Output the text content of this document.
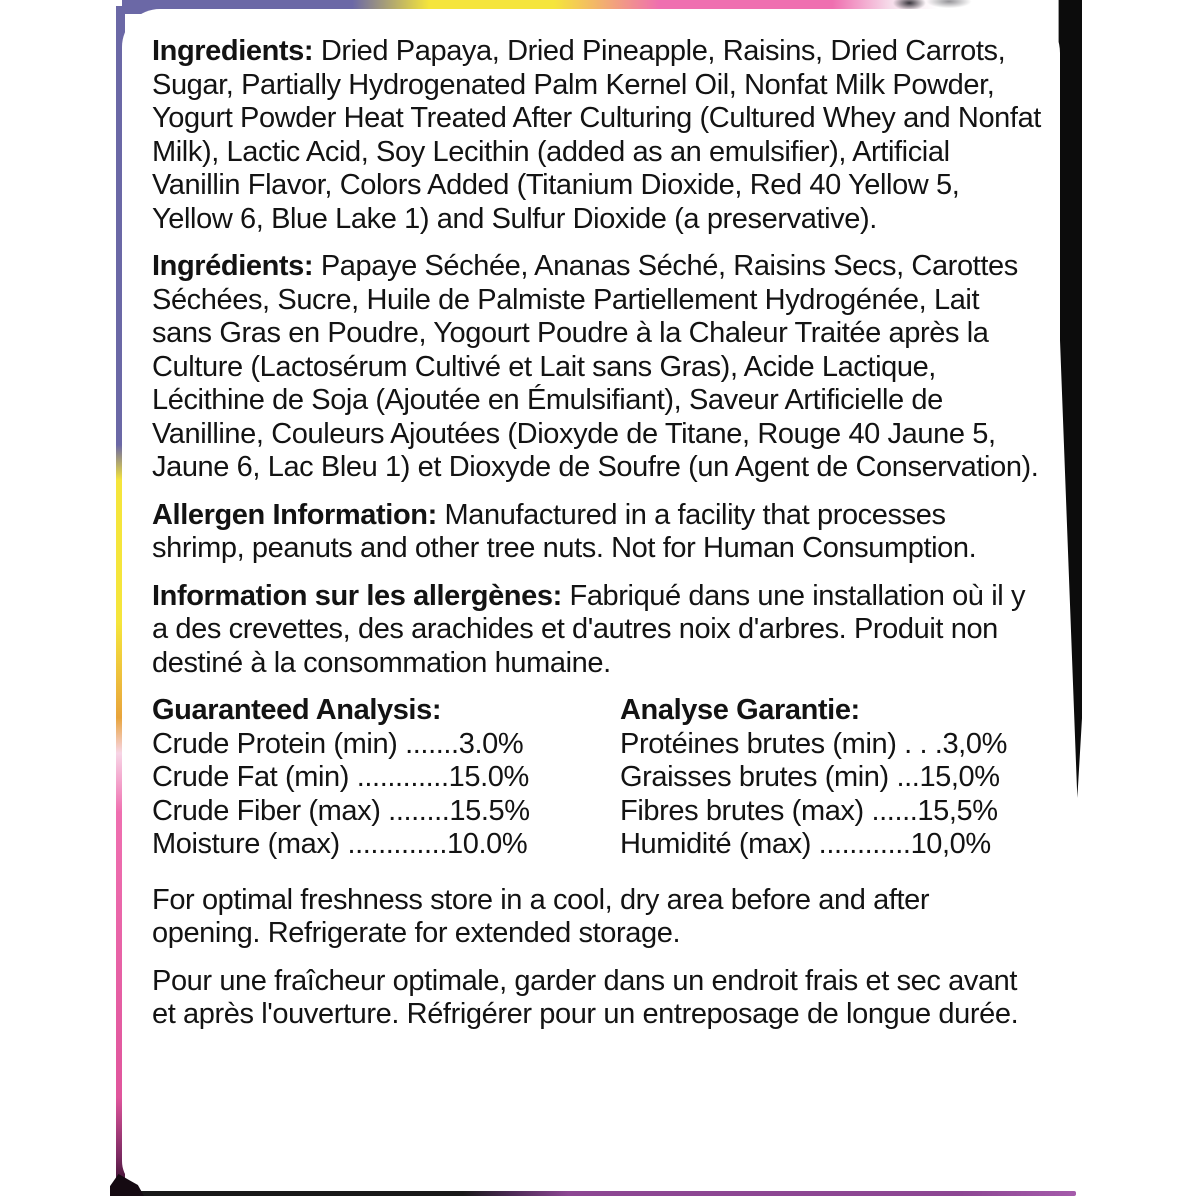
Ingredients: Dried Papaya, Dried Pineapple, Raisins, Dried Carrots, Sugar, Partially Hydrogenated Palm Kernel Oil, Nonfat Milk Powder, Yogurt Powder Heat Treated After Culturing (Cultured Whey and Nonfat Milk), Lactic Acid, Soy Lecithin (added as an emulsifier), Artificial Vanillin Flavor, Colors Added (Titanium Dioxide, Red 40 Yellow 5, Yellow 6, Blue Lake 1) and Sulfur Dioxide (a preservative).

Ingrédients: Papaye Séchée, Ananas Séché, Raisins Secs, Carottes Séchées, Sucre, Huile de Palmiste Partiellement Hydrogénée, Lait sans Gras en Poudre, Yogourt Poudre à la Chaleur Traitée après la Culture (Lactosérum Cultivé et Lait sans Gras), Acide Lactique, Lécithine de Soja (Ajoutée en Émulsifiant), Saveur Artificielle de Vanilline, Couleurs Ajoutées (Dioxyde de Titane, Rouge 40 Jaune 5, Jaune 6, Lac Bleu 1) et Dioxyde de Soufre (un Agent de Conservation).

Allergen Information: Manufactured in a facility that processes shrimp, peanuts and other tree nuts. Not for Human Consumption.

Information sur les allergènes: Fabriqué dans une installation où il y a des crevettes, des arachides et d'autres noix d'arbres. Produit non destiné à la consommation humaine.

Guaranteed Analysis:
Crude Protein (min) .......3.0%
Crude Fat (min) ............15.0%
Crude Fiber (max) ........15.5%
Moisture (max) .............10.0%
Analyse Garantie:
Protéines brutes (min) . . .3,0%
Graisses brutes (min) ...15,0%
Fibres brutes (max) ......15,5%
Humidité (max) ............10,0%

For optimal freshness store in a cool, dry area before and after opening. Refrigerate for extended storage.

Pour une fraîcheur optimale, garder dans un endroit frais et sec avant et après l'ouverture. Réfrigérer pour un entreposage de longue durée.
